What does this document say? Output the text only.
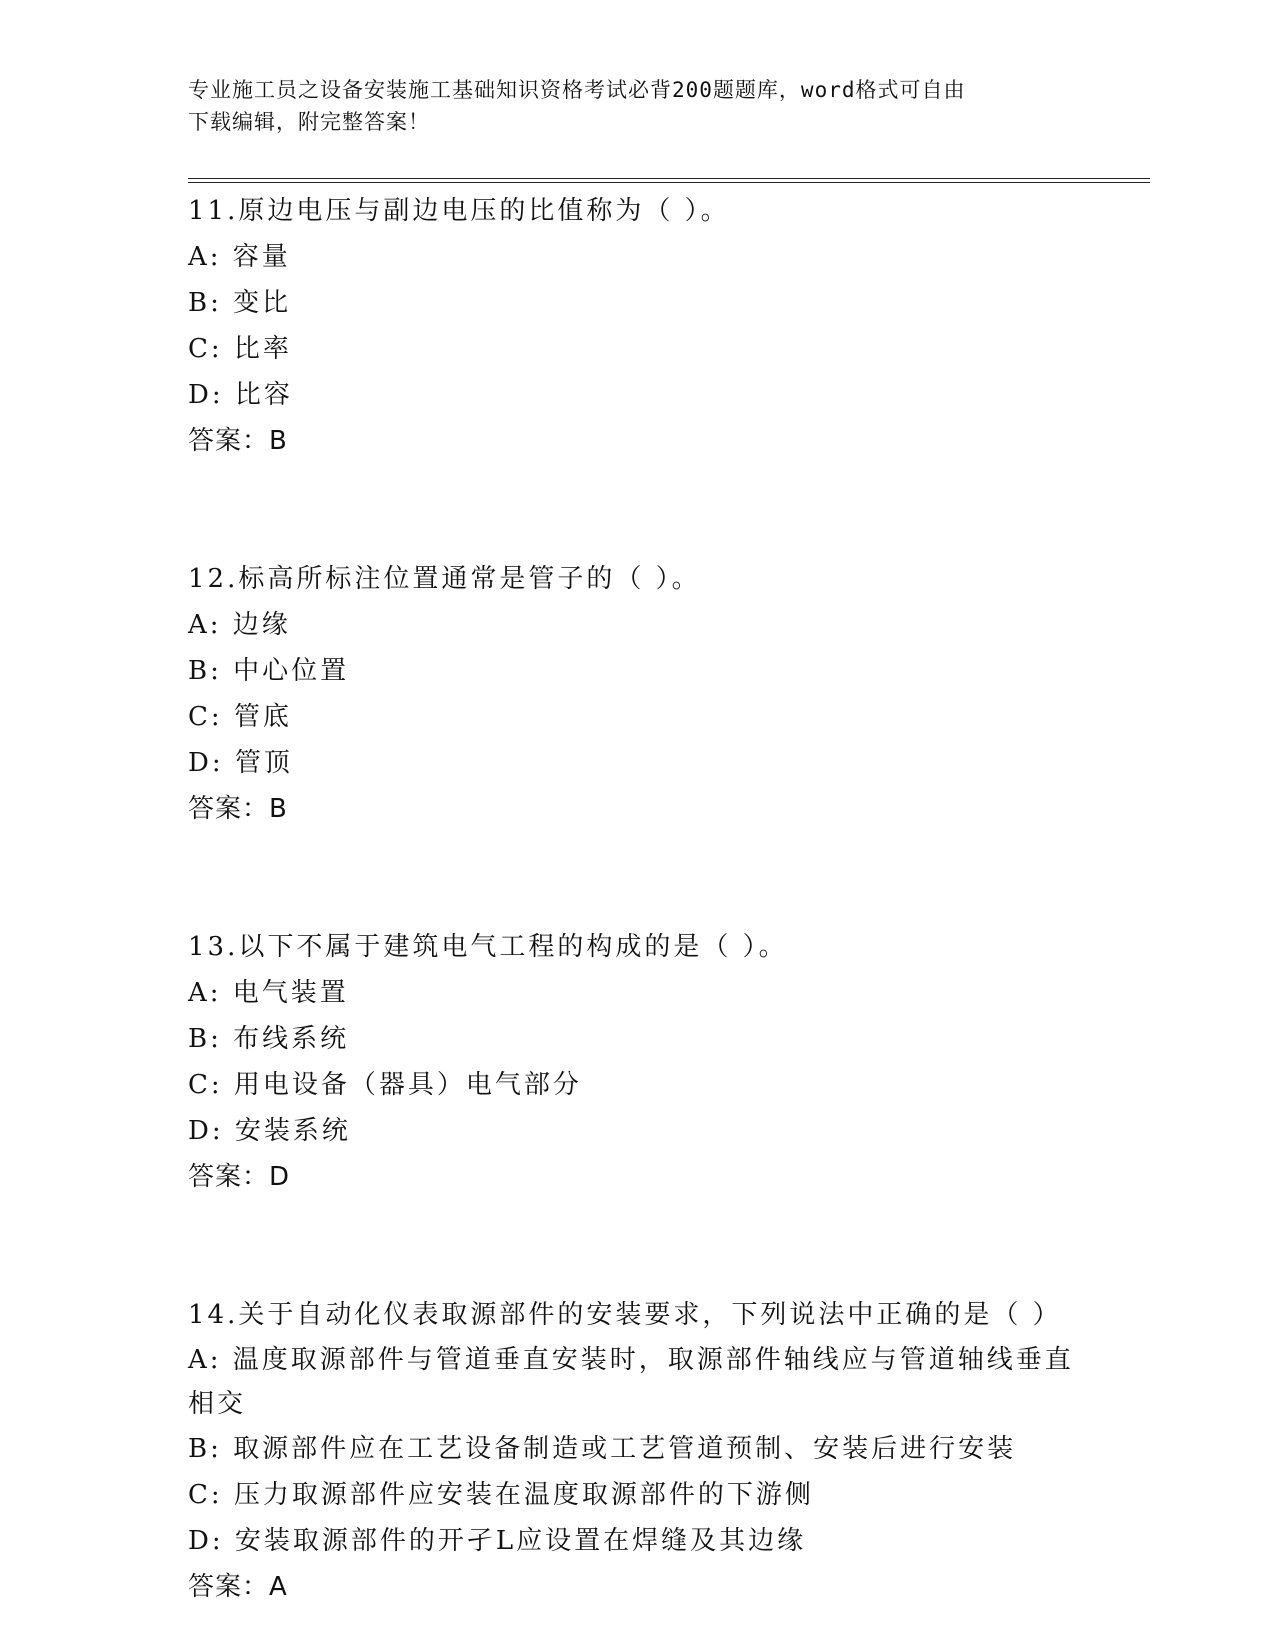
专业施工员之设备安装施工基础知识资格考试必背200题题库，word格式可自由
下载编辑，附完整答案！
11.原边电压与副边电压的比值称为（ ）。
A: 容量
B: 变比
C: 比率
D: 比容
答案：B
12.标高所标注位置通常是管子的（ ）。
A: 边缘
B: 中心位置
C: 管底
D: 管顶
答案：B
13.以下不属于建筑电气工程的构成的是（ ）。
A: 电气装置
B: 布线系统
C: 用电设备（器具）电气部分
D: 安装系统
答案：D
14.关于自动化仪表取源部件的安装要求，下列说法中正确的是（ ）
A: 温度取源部件与管道垂直安装时，取源部件轴线应与管道轴线垂直
相交
B: 取源部件应在工艺设备制造或工艺管道预制、安装后进行安装
C: 压力取源部件应安装在温度取源部件的下游侧
D: 安装取源部件的开孑L应设置在焊缝及其边缘
答案：A
